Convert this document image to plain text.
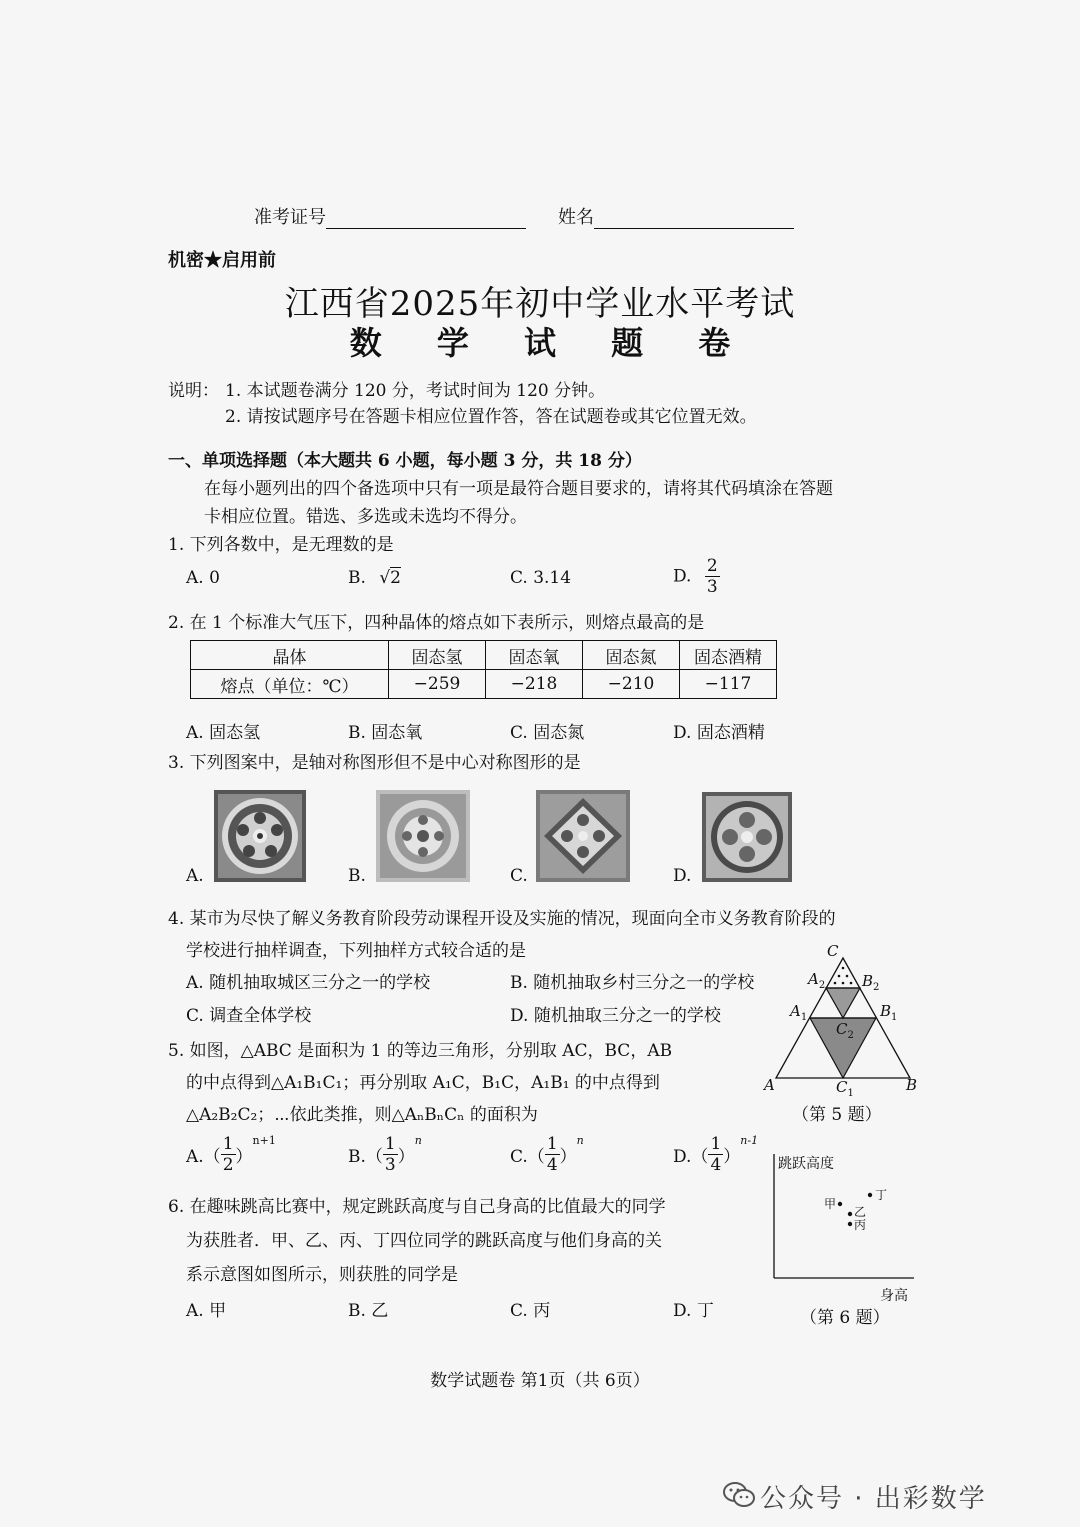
准考证号	姓名
机密★启用前
江西省2025年初中学业水平考试
数 学 试 题 卷
说明： 1. 本试题卷满分 120 分，考试时间为 120 分钟。
2. 请按试题序号在答题卡相应位置作答，答在试题卷或其它位置无效。
一、单项选择题（本大题共 6 小题，每小题 3 分，共 18 分）
在每小题列出的四个备选项中只有一项是最符合题目要求的，请将其代码填涂在答题
卡相应位置。错选、多选或未选均不得分。
1. 下列各数中，是无理数的是
A. 0	B. √2	C. 3.14	D. $\frac{2}{3}$
2. 在 1 个标准大气压下，四种晶体的熔点如下表所示，则熔点最高的是
晶体	固态氢	固态氧	固态氮	固态酒精
熔点（单位：℃）	−259	−218	−210	−117
A. 固态氢	B. 固态氧	C. 固态氮	D. 固态酒精
3. 下列图案中，是轴对称图形但不是中心对称图形的是
A.	B.	C.	D.
4. 某市为尽快了解义务教育阶段劳动课程开设及实施的情况，现面向全市义务教育阶段的
学校进行抽样调查，下列抽样方式较合适的是
A. 随机抽取城区三分之一的学校	B. 随机抽取乡村三分之一的学校
C. 调查全体学校	D. 随机抽取三分之一的学校
5. 如图，△ABC 是面积为 1 的等边三角形，分别取 AC，BC，AB
的中点得到△A₁B₁C₁；再分别取 A₁C，B₁C，A₁B₁ 的中点得到
△A₂B₂C₂；⋯依此类推，则△AₙBₙCₙ 的面积为
$A.( \frac{1}{2} )^{n+1}$
$B.( \frac{1}{3} )^n$
$C.( \frac{1}{4} )^n$
$D.( \frac{1}{4} )^{n-1}$
C
$A_2$ $B_2$
$A_1$	$B_1$
$C_2$
A	$C_1$	B
（第 5 题）
6. 在趣味跳高比赛中，规定跳跃高度与自己身高的比值最大的同学
为获胜者．甲、乙、丙、丁四位同学的跳跃高度与他们身高的关
系示意图如图所示，则获胜的同学是
A. 甲	B. 乙	C. 丙	D. 丁
跳跃高度
身高
甲
丁
乙
丙
（第 6 题）
数学试题卷 第1页（共 6页）
公众号 · 出彩数学
